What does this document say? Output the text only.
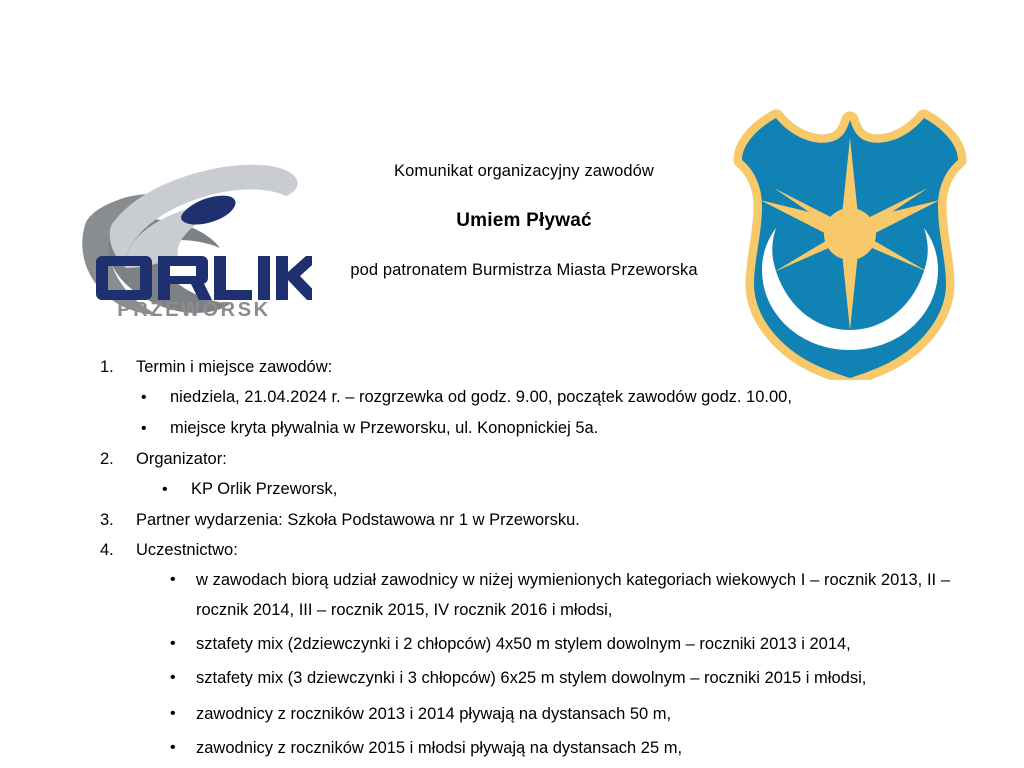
PRZEWORSK
Komunikat organizacyjny zawodów
Umiem Pływać
pod patronatem Burmistrza Miasta Przeworska
1.	Termin i miejsce zawodów:
• niedziela, 21.04.2024 r. – rozgrzewka od godz. 9.00, początek zawodów godz. 10.00,
• miejsce kryta pływalnia w Przeworsku, ul. Konopnickiej 5a.
2.	Organizator:
• KP Orlik Przeworsk,
3.	Partner wydarzenia: Szkoła Podstawowa nr 1 w Przeworsku.
4.	Uczestnictwo:
• w zawodach biorą udział zawodnicy w niżej wymienionych kategoriach wiekowych I – rocznik 2013, II – rocznik 2014, III – rocznik 2015, IV rocznik 2016 i młodsi,
• sztafety mix (2dziewczynki i 2 chłopców) 4x50 m stylem dowolnym – roczniki 2013 i 2014,
• sztafety mix (3 dziewczynki i 3 chłopców) 6x25 m stylem dowolnym – roczniki 2015 i młodsi,
• zawodnicy z roczników 2013 i 2014 pływają na dystansach 50 m,
• zawodnicy z roczników 2015 i młodsi pływają na dystansach 25 m,
